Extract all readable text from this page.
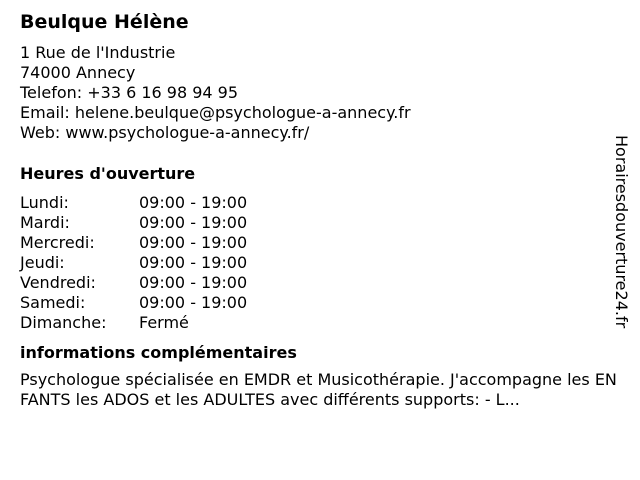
Beulque Hélène
1 Rue de l'Industrie
74000 Annecy
Telefon: +33 6 16 98 94 95
Email: helene.beulque@psychologue-a-annecy.fr
Web: www.psychologue-a-annecy.fr/
Heures d'ouverture
Lundi:	09:00 - 19:00
Mardi:	09:00 - 19:00
Mercredi:	09:00 - 19:00
Jeudi:	09:00 - 19:00
Vendredi:	09:00 - 19:00
Samedi:	09:00 - 19:00
Dimanche: Fermé
informations complémentaires
Psychologue spécialisée en EMDR et Musicothérapie. J'accompagne les ENFANTS les ADOS et les ADULTES avec différents supports: - L...
Horairesdouverture24.fr
